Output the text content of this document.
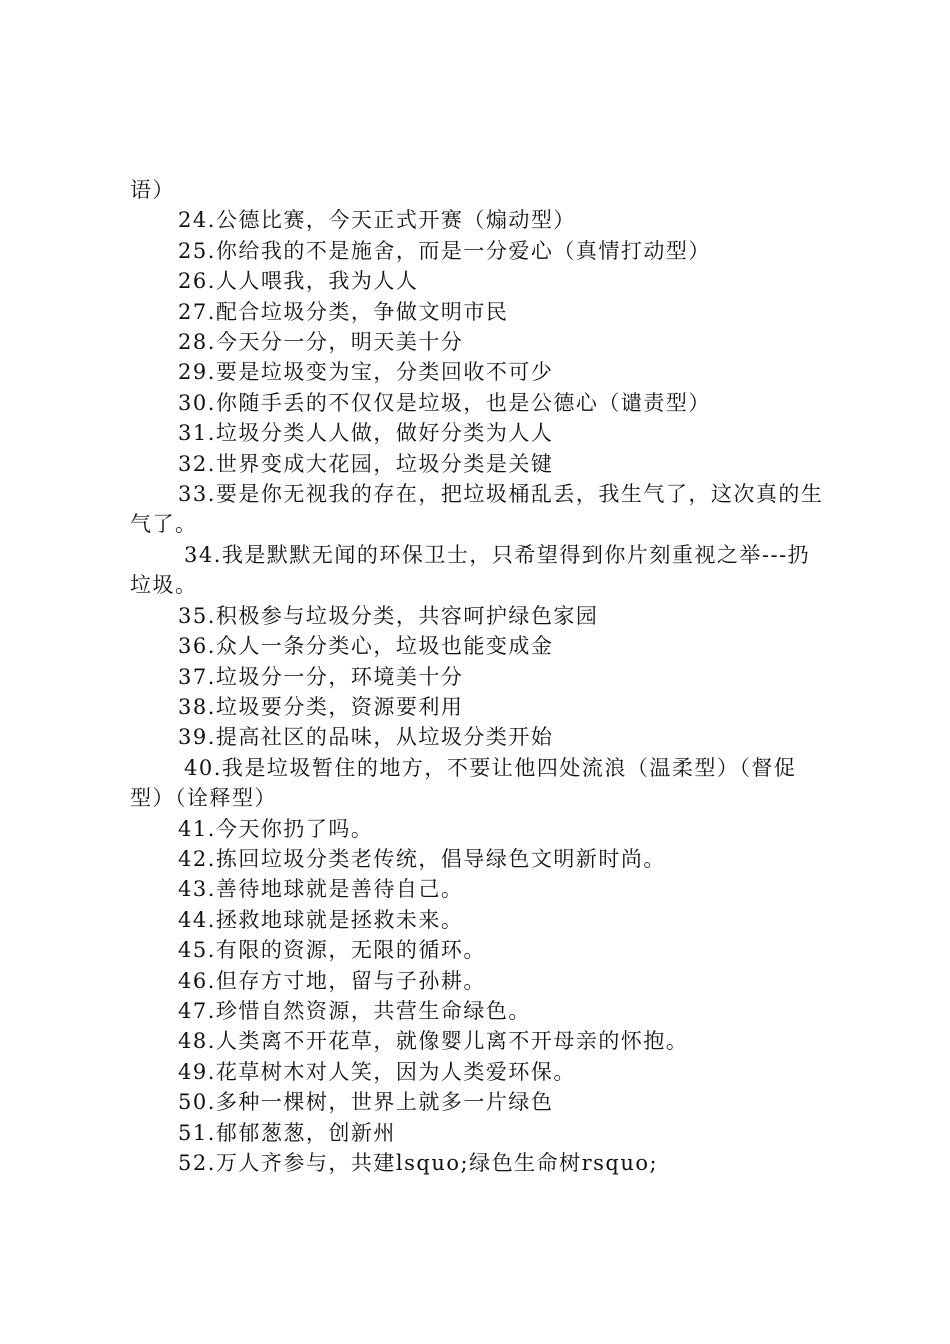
语）

24.公德比赛，今天正式开赛（煽动型）

25.你给我的不是施舍，而是一分爱心（真情打动型）

26.人人喂我，我为人人

27.配合垃圾分类，争做文明市民

28.今天分一分，明天美十分

29.要是垃圾变为宝，分类回收不可少

30.你随手丢的不仅仅是垃圾，也是公德心（谴责型）

31.垃圾分类人人做，做好分类为人人

32.世界变成大花园，垃圾分类是关键

33.要是你无视我的存在，把垃圾桶乱丢，我生气了，这次真的生气了。

34.我是默默无闻的环保卫士，只希望得到你片刻重视之举---扔垃圾。

35.积极参与垃圾分类，共容呵护绿色家园

36.众人一条分类心，垃圾也能变成金

37.垃圾分一分，环境美十分

38.垃圾要分类，资源要利用

39.提高社区的品味，从垃圾分类开始

40.我是垃圾暂住的地方，不要让他四处流浪（温柔型）（督促型）（诠释型）

41.今天你扔了吗。

42.拣回垃圾分类老传统，倡导绿色文明新时尚。

43.善待地球就是善待自己。

44.拯救地球就是拯救未来。

45.有限的资源，无限的循环。

46.但存方寸地，留与子孙耕。

47.珍惜自然资源，共营生命绿色。

48.人类离不开花草，就像婴儿离不开母亲的怀抱。

49.花草树木对人笑，因为人类爱环保。

50.多种一棵树，世界上就多一片绿色

51.郁郁葱葱，创新州

52.万人齐参与，共建lsquo;绿色生命树rsquo;
